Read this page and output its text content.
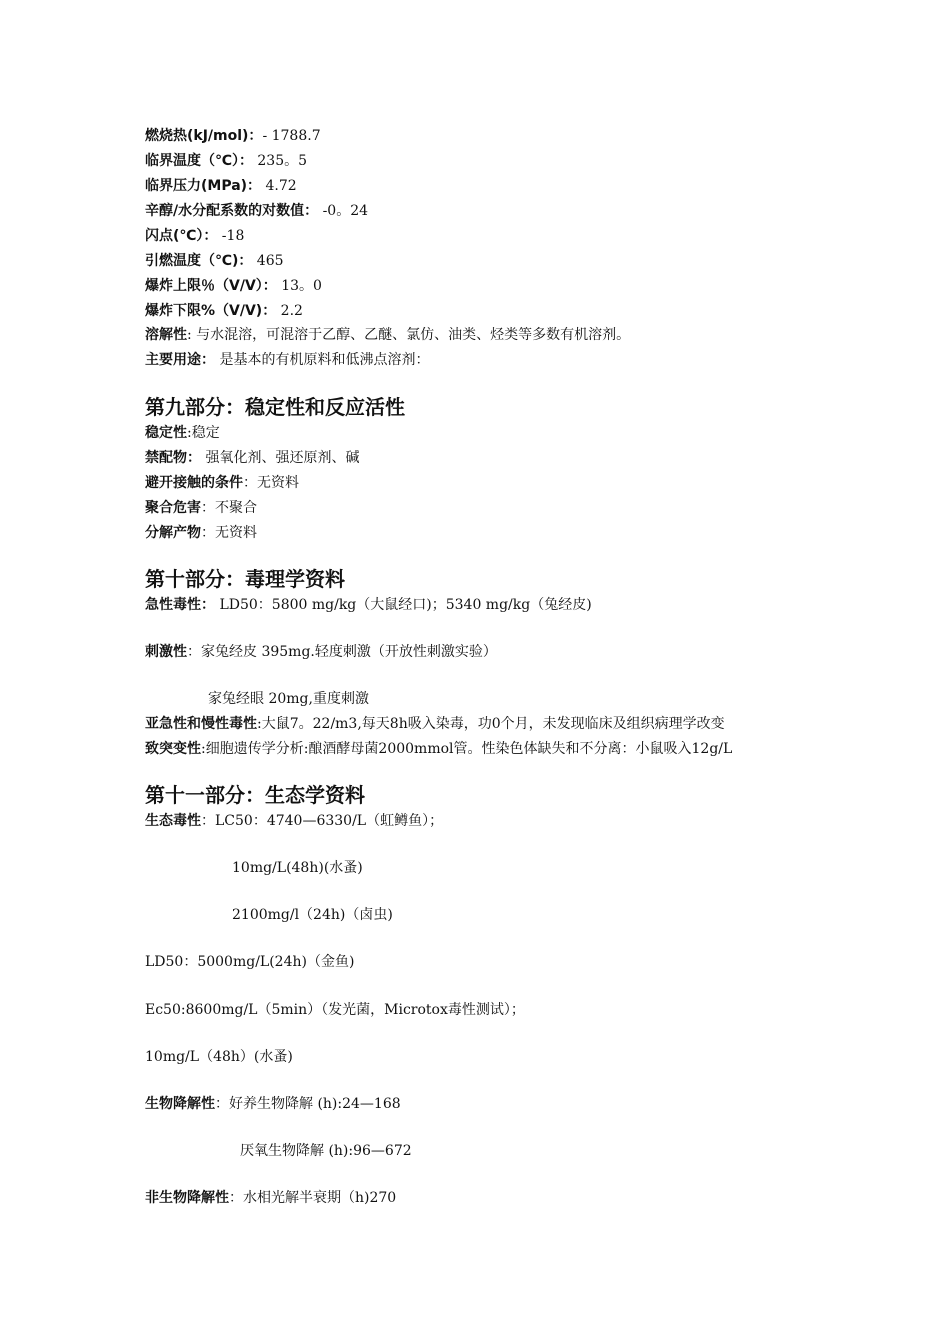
燃烧热(kJ/mol)：- 1788.7
临界温度（℃）： 235。5
临界压力(MPa)： 4.72
辛醇/水分配系数的对数值： -0。24
闪点(℃）： -18
引燃温度（℃)： 465
爆炸上限％（V/V）： 13。0
爆炸下限%（V/V)： 2.2
溶解性: 与水混溶，可混溶于乙醇、乙醚、氯仿、油类、烃类等多数有机溶剂。
主要用途： 是基本的有机原料和低沸点溶剂：
第九部分：稳定性和反应活性
稳定性:稳定
禁配物： 强氧化剂、强还原剂、碱
避开接触的条件：无资料
聚合危害：不聚合
分解产物：无资料
第十部分：毒理学资料
急性毒性： LD50：5800 mg/kg（大鼠经口)；5340 mg/kg（兔经皮)
刺激性：家兔经皮 395mg.轻度刺激（开放性刺激实验）
家兔经眼 20mg,重度刺激
亚急性和慢性毒性:大鼠7。22/m3,每天8h吸入染毒，功0个月，未发现临床及组织病理学改变
致突变性:细胞遗传学分析:酿酒酵母菌2000mmol管。性染色体缺失和不分离：小鼠吸入12g/L
第十一部分：生态学资料
生态毒性：LC50：4740—6330/L（虹鳟鱼）；
10mg/L(48h)(水蚤)
2100mg/l（24h)（卤虫)
LD50：5000mg/L(24h)（金鱼)
Ec50:8600mg/L（5min）（发光菌，Microtox毒性测试）；
10mg/L（48h）(水蚤)
生物降解性：好养生物降解 (h):24—168
厌氧生物降解 (h):96—672
非生物降解性：水相光解半衰期（h)270
